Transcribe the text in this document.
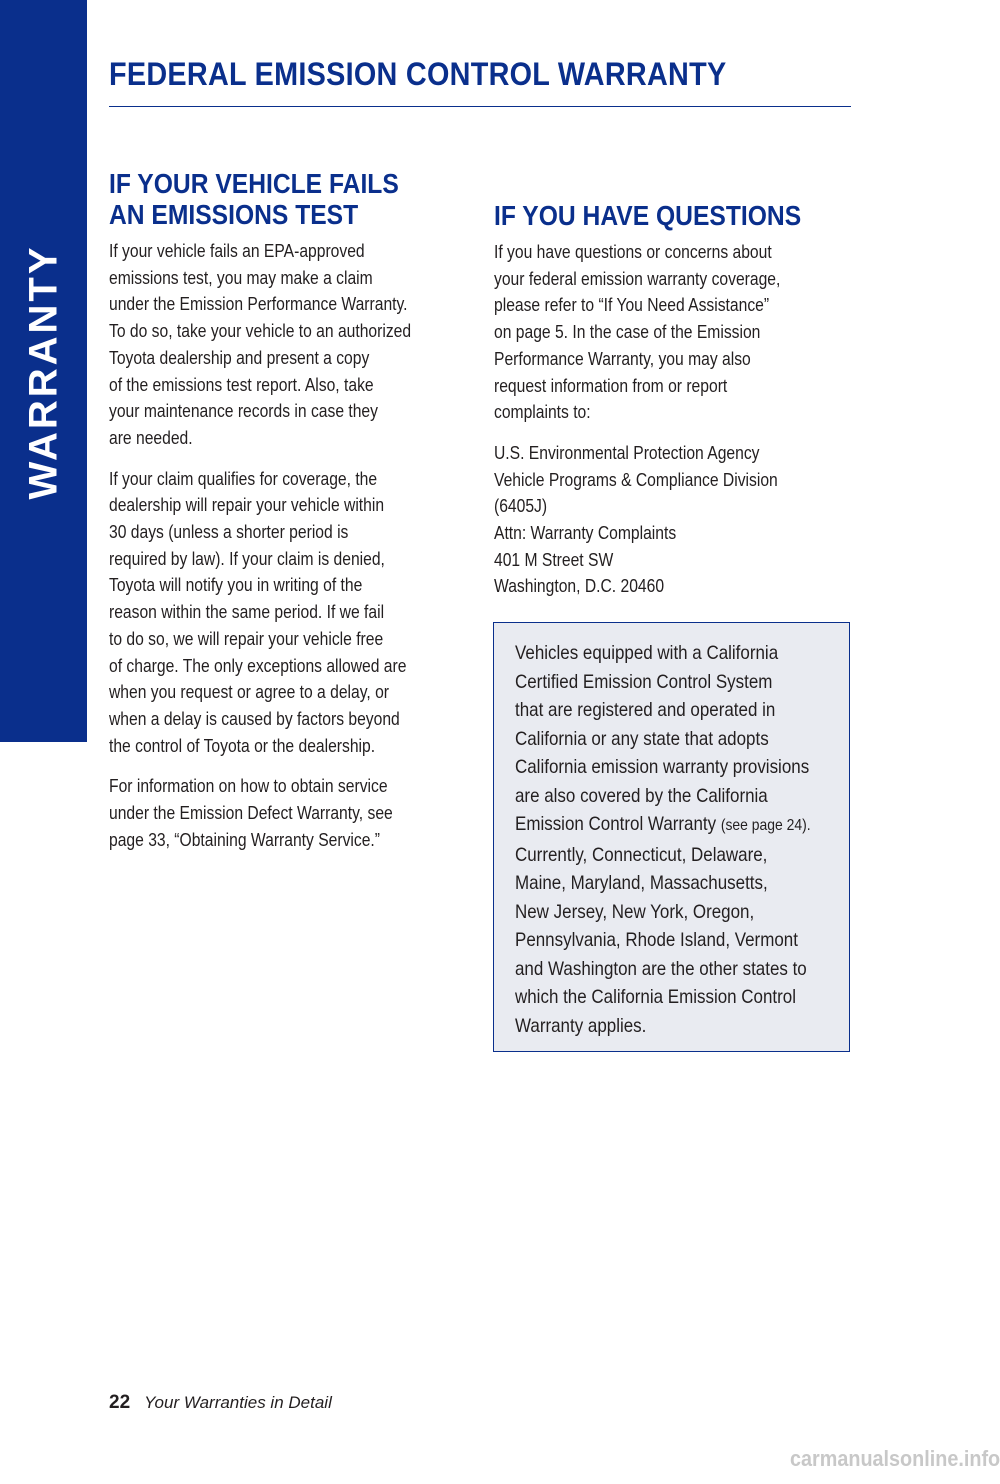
WARRANTY
FEDERAL EMISSION CONTROL WARRANTY
IF YOUR VEHICLE FAILS
AN EMISSIONS TEST

If your vehicle fails an EPA-approved
emissions test, you may make a claim
under the Emission Performance Warranty.
To do so, take your vehicle to an authorized
Toyota dealership and present a copy
of the emissions test report. Also, take
your maintenance records in case they
are needed.

If your claim qualifies for coverage, the
dealership will repair your vehicle within
30 days (unless a shorter period is
required by law). If your claim is denied,
Toyota will notify you in writing of the
reason within the same period. If we fail
to do so, we will repair your vehicle free
of charge. The only exceptions allowed are
when you request or agree to a delay, or
when a delay is caused by factors beyond
the control of Toyota or the dealership.

For information on how to obtain service
under the Emission Defect Warranty, see
page 33, “Obtaining Warranty Service.”

IF YOU HAVE QUESTIONS

If you have questions or concerns about
your federal emission warranty coverage,
please refer to “If You Need Assistance”
on page 5. In the case of the Emission
Performance Warranty, you may also
request information from or report
complaints to:

U.S. Environmental Protection Agency
Vehicle Programs & Compliance Division
(6405J)
Attn: Warranty Complaints
401 M Street SW
Washington, D.C. 20460

Vehicles equipped with a California
Certified Emission Control System
that are registered and operated in
California or any state that adopts
California emission warranty provisions
are also covered by the California
Emission Control Warranty (see page 24).
Currently, Connecticut, Delaware,
Maine, Maryland, Massachusetts,
New Jersey, New York, Oregon,
Pennsylvania, Rhode Island, Vermont
and Washington are the other states to
which the California Emission Control
Warranty applies.

22 Your Warranties in Detail
carmanualsonline.info
